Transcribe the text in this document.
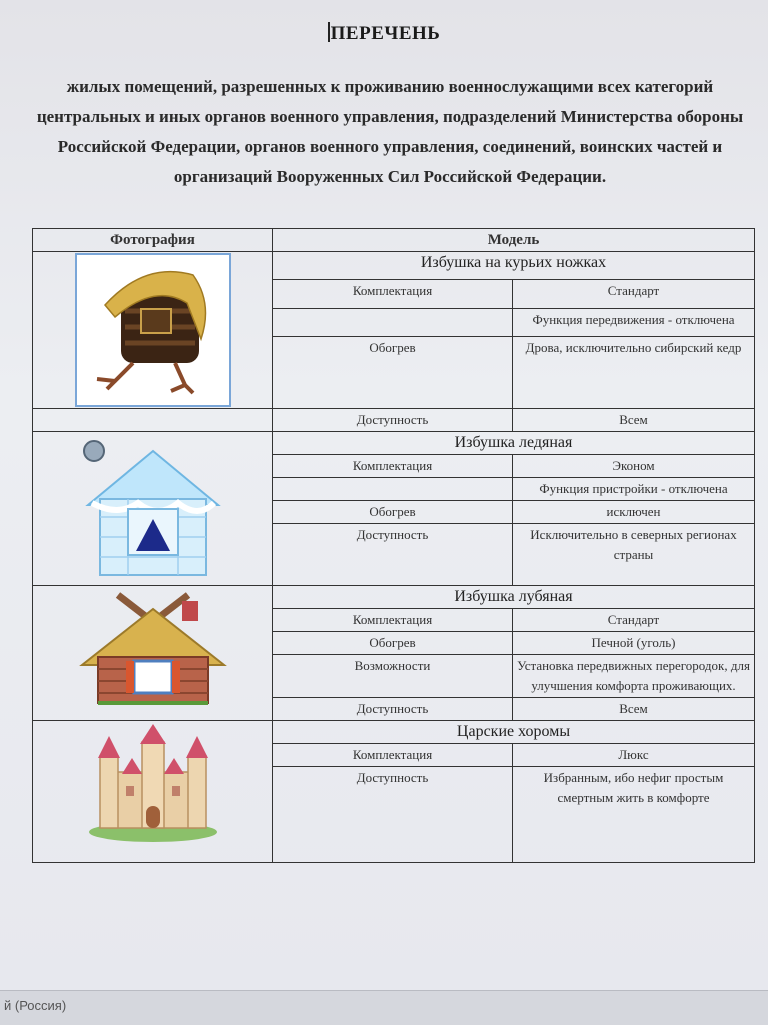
ПЕРЕЧЕНЬ
жилых помещений, разрешенных к проживанию военнослужащими всех категорий центральных и иных органов военного управления, подразделений Министерства обороны Российской Федерации, органов военного управления, соединений, воинских частей и организаций Вооруженных Сил Российской Федерации.
Фотография	Модель	

	Избушка на курьих ножках	
	Комплектация	Стандарт
		Функция передвижения - отключена
	Обогрев	Дрова, исключительно сибирский кедр
	Доступность	Всем

	Избушка ледяная	
	Комплектация	Эконом
		Функция пристройки - отключена
	Обогрев	исключен
	Доступность	Исключительно в северных регионах страны

	Избушка лубяная	
	Комплектация	Стандарт
	Обогрев	Печной (уголь)
	Возможности	Установка передвижных перегородок, для улучшения комфорта проживающих.
	Доступность	Всем

	Царские хоромы	
	Комплектация	Люкс
	Доступность	Избранным, ибо нефиг простым смертным жить в комфорте
й (Россия)
